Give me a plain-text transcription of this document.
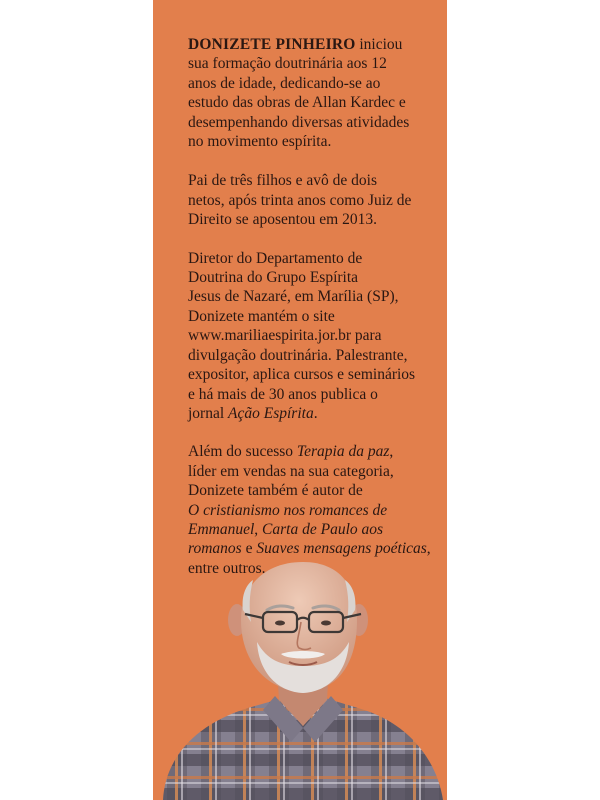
DONIZETE PINHEIRO iniciou
sua formação doutrinária aos 12
anos de idade, dedicando-se ao
estudo das obras de Allan Kardec e
desempenhando diversas atividades
no movimento espírita.

Pai de três filhos e avô de dois
netos, após trinta anos como Juiz de
Direito se aposentou em 2013.

Diretor do Departamento de
Doutrina do Grupo Espírita
Jesus de Nazaré, em Marília (SP),
Donizete mantém o site
www.mariliaespirita.jor.br para
divulgação doutrinária. Palestrante,
expositor, aplica cursos e seminários
e há mais de 30 anos publica o
jornal Ação Espírita.

Além do sucesso Terapia da paz,
líder em vendas na sua categoria,
Donizete também é autor de
O cristianismo nos romances de
Emmanuel, Carta de Paulo aos
romanos e Suaves mensagens poéticas,
entre outros.
